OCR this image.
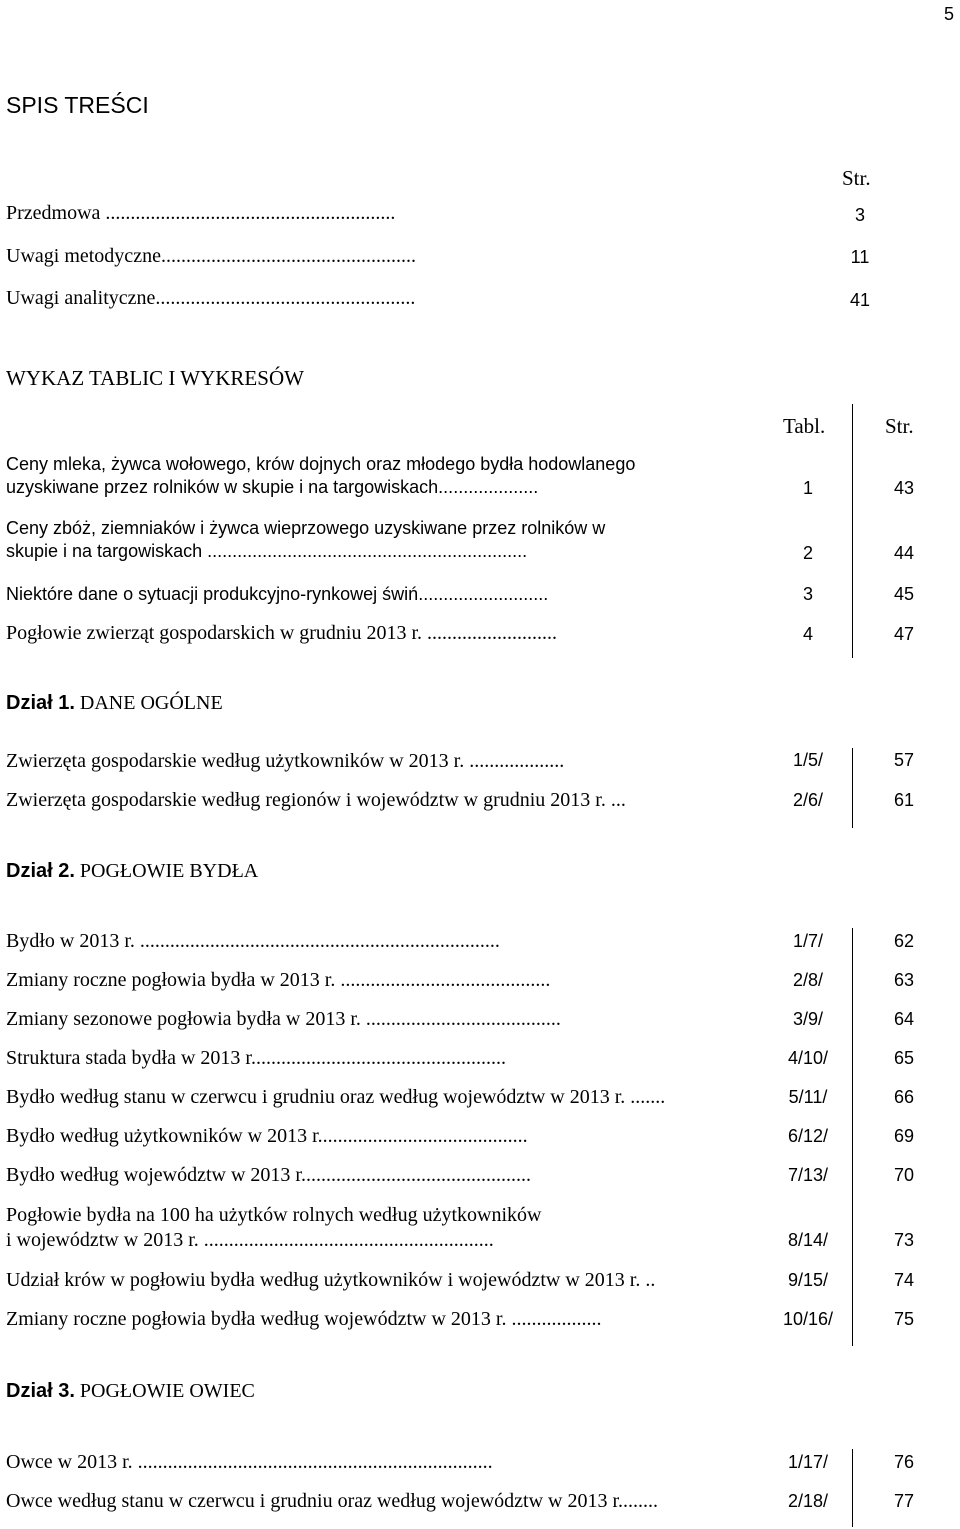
5
SPIS TREŚCI
Str.
Przedmowa ..........................................................	3
Uwagi metodyczne...................................................	11
Uwagi analityczne....................................................	41
WYKAZ TABLIC I WYKRESÓW
Tabl.	Str.
Ceny mleka, żywca wołowego, krów dojnych oraz młodego bydła hodowlanego
uzyskiwane przez rolników w skupie i na targowiskach....................	1	43
Ceny zbóż, ziemniaków i żywca wieprzowego uzyskiwane przez rolników w
skupie i na targowiskach ................................................................	2	44
Niektóre dane o sytuacji produkcyjno-rynkowej świń..........................	3	45
Pogłowie zwierząt gospodarskich w grudniu 2013 r. ..........................	4	47
Dział 1. DANE OGÓLNE
Zwierzęta gospodarskie według użytkowników w 2013 r. ...................	1/5/	57
Zwierzęta gospodarskie według regionów i województw w grudniu 2013 r. ...	2/6/	61
Dział 2. POGŁOWIE BYDŁA
Bydło w 2013 r. ........................................................................	1/7/	62
Zmiany roczne pogłowia bydła w 2013 r. ..........................................	2/8/	63
Zmiany sezonowe pogłowia bydła w 2013 r. .......................................	3/9/	64
Struktura stada bydła w 2013 r...................................................	4/10/	65
Bydło według stanu w czerwcu i grudniu oraz według województw w 2013 r. .......	5/11/	66
Bydło według użytkowników w 2013 r..........................................	6/12/	69
Bydło według województw w 2013 r..............................................	7/13/	70
Pogłowie bydła na 100 ha użytków rolnych według użytkowników
i województw w 2013 r. ..........................................................	8/14/	73
Udział krów w pogłowiu bydła według użytkowników i województw w 2013 r. ..	9/15/	74
Zmiany roczne pogłowia bydła według województw w 2013 r. ..................	10/16/	75
Dział 3. POGŁOWIE OWIEC
Owce w 2013 r. .......................................................................	1/17/	76
Owce według stanu w czerwcu i grudniu oraz według województw w 2013 r........	2/18/	77
